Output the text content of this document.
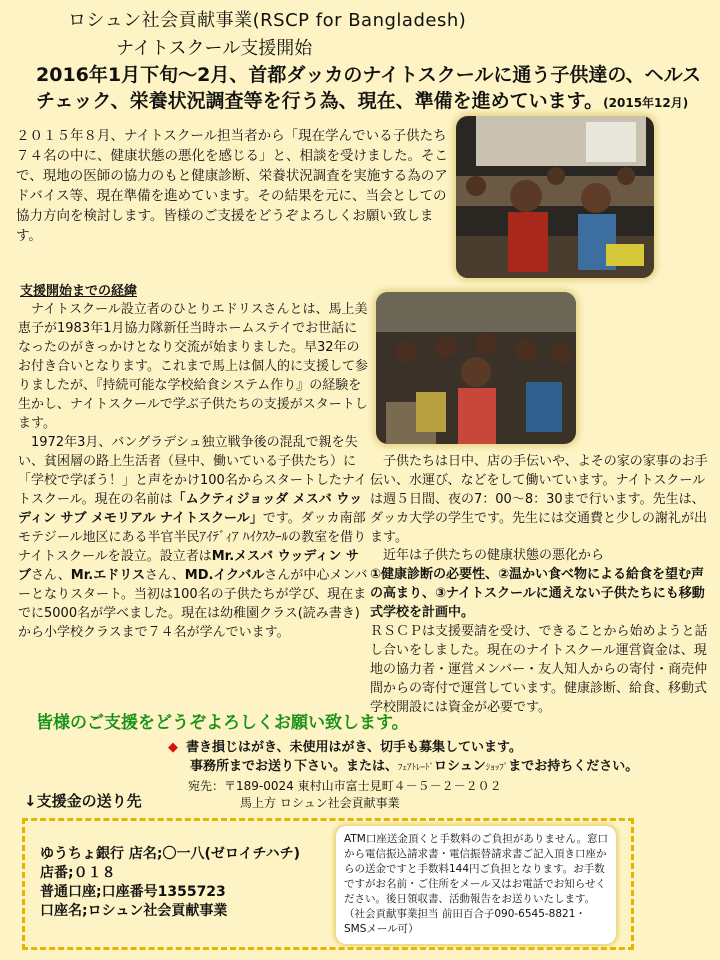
ロシュン社会貢献事業(RSCP for Bangladesh)
ナイトスクール支援開始
2016年1月下旬～2月、首都ダッカのナイトスクールに通う子供達の、ヘルスチェック、栄養状況調査等を行う為、現在、準備を進めています。(2015年12月)
２０１５年８月、ナイトスクール担当者から「現在学んでいる子供たち７４名の中に、健康状態の悪化を感じる」と、相談を受けました。そこで、現地の医師の協力のもと健康診断、栄養状況調査を実施する為のアドバイス等、現在準備を進めています。その結果を元に、当会としての協力方向を検討します。皆様のご支援をどうぞよろしくお願い致します。
支援開始までの経緯

ナイトスクール設立者のひとりエドリスさんとは、馬上美恵子が1983年1月協力隊新任当時ホームステイでお世話になったのがきっかけとなり交流が始まりました。早32年のお付き合いとなります。これまで馬上は個人的に支援して参りましたが、『持続可能な学校給食システム作り』の経験を生かし、ナイトスクールで学ぶ子供たちの支援がスタートします。

1972年3月、バングラデシュ独立戦争後の混乱で親を失い、貧困層の路上生活者（昼中、働いている子供たち）に「学校で学ぼう！」と声をかけ100名からスタートしたナイトスクール。現在の名前は「ムクティジョッダ メスバ ウッディン サブ メモリアル ナイトスクール」です。ダッカ南部モテジール地区にある半官半民ｱｲﾃﾞｨｱ ﾊｲｸｽｸｰﾙの教室を借りナイトスクールを設立。設立者はMr.メスバ ウッディン サブさん、Mr.エドリスさん、MD.イクバルさんが中心メンバーとなりスタート。当初は100名の子供たちが学び、現在までに5000名が学べました。現在は幼稚園クラス(読み書き)から小学校クラスまで７４名が学んでいます。

子供たちは日中、店の手伝いや、よその家の家事のお手伝い、水運び、などをして働いています。ナイトスクールは週５日間、夜の7：00～8：30まで行います。先生は、ダッカ大学の学生です。先生には交通費と少しの謝礼が出ます。

近年は子供たちの健康状態の悪化から

①健康診断の必要性、②温かい食べ物による給食を望む声の高まり、③ナイトスクールに通えない子供たちにも移動式学校を計画中。

ＲＳＣＰは支援要請を受け、できることから始めようと話し合いをしました。現在のナイトスクール運営資金は、現地の協力者・運営メンバー・友人知人からの寄付・商売仲間からの寄付で運営しています。健康診断、給食、移動式学校開設には資金が必要です。

皆様のご支援をどうぞよろしくお願い致します。
◆ 書き損じはがき、未使用はがき、切手も募集しています。
事務所までお送り下さい。または、ﾌｪｱﾄﾚｰﾄﾞロシュンｼｮｯﾌﾟまでお持ちください。
宛先：〒189-0024 東村山市富士見町４－５－２－２０２
馬上方 ロシュン社会貢献事業
↓支援金の送り先
ゆうちょ銀行 店名;〇一八(ゼロイチハチ)
店番;０１８
普通口座;口座番号1355723
口座名;ロシュン社会貢献事業
ATM口座送金頂くと手数料のご負担がありません。窓口から電信振込請求書・電信振替請求書ご記入頂き口座からの送金ですと手数料144円ご負担となります。お手数ですがお名前・ご住所をメール又はお電話でお知らせください。後日領収書、活動報告をお送りいたします。（社会貢献事業担当 前田百合子090-6545-8821・SMSメール可）
